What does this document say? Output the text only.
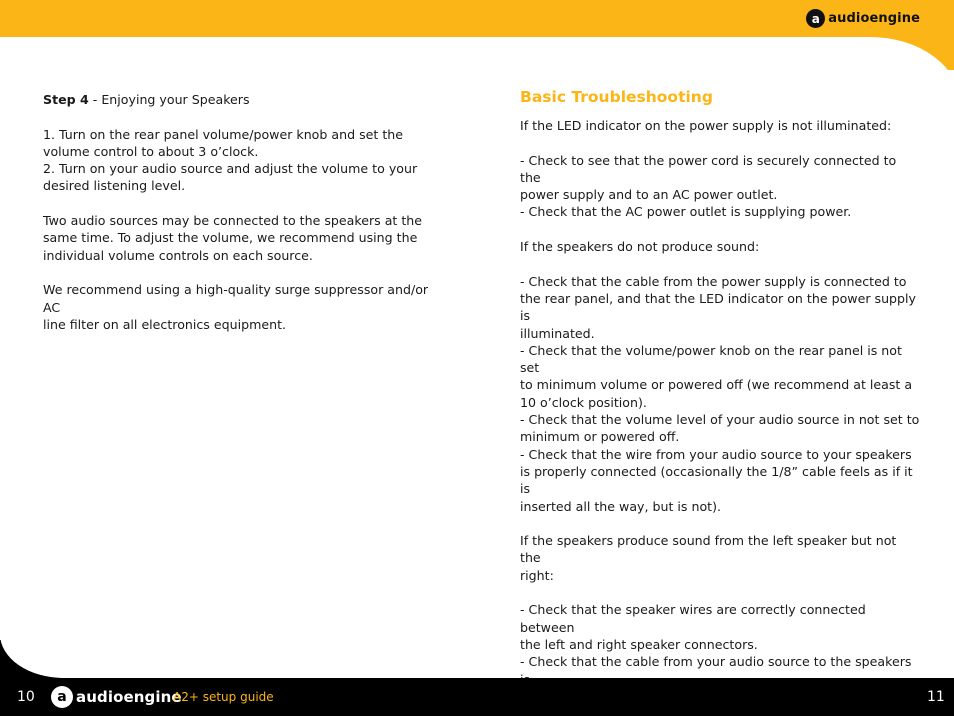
a audioengine

Step 4 - Enjoying your Speakers

1. Turn on the rear panel volume/power knob and set the
volume control to about 3 o’clock.
2. Turn on your audio source and adjust the volume to your
desired listening level.

Two audio sources may be connected to the speakers at the
same time. To adjust the volume, we recommend using the
individual volume controls on each source.

We recommend using a high-quality surge suppressor and/or AC
line filter on all electronics equipment.

Basic Troubleshooting

If the LED indicator on the power supply is not illuminated:

- Check to see that the power cord is securely connected to the
power supply and to an AC power outlet.
- Check that the AC power outlet is supplying power.

If the speakers do not produce sound:

- Check that the cable from the power supply is connected to
the rear panel, and that the LED indicator on the power supply is
illuminated.
- Check that the volume/power knob on the rear panel is not set
to minimum volume or powered off (we recommend at least a
10 o’clock position).
- Check that the volume level of your audio source in not set to
minimum or powered off.
- Check that the wire from your audio source to your speakers
is properly connected (occasionally the 1/8” cable feels as if it is
inserted all the way, but is not).

If the speakers produce sound from the left speaker but not the
right:

- Check that the speaker wires are correctly connected between
the left and right speaker connectors.
- Check that the cable from your audio source to the speakers

10	a audioengine
A2+ setup guide	11
